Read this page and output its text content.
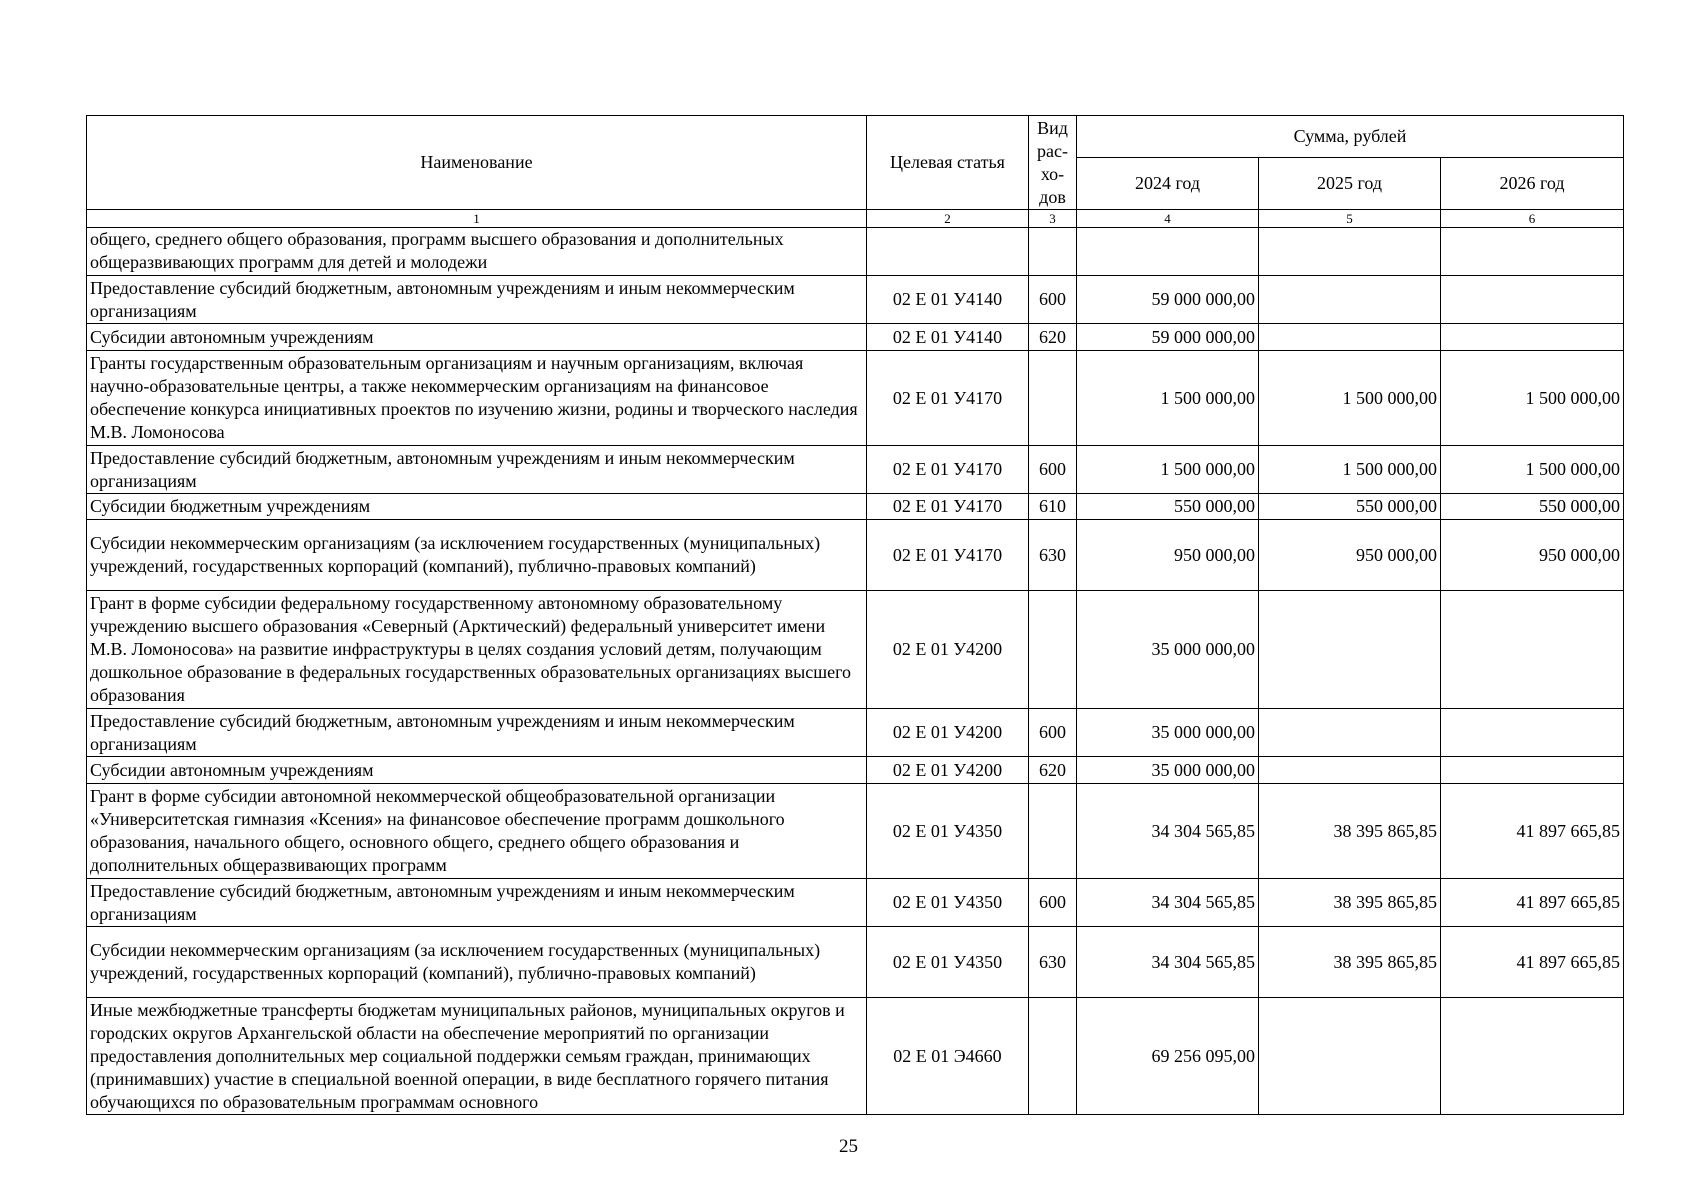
Наименование	Целевая статья	Вид рас-хо-дов	Сумма, рублей		
			2024 год	2025 год	2026 год
1	2	3	4	5	6
общего, среднего общего образования, программ высшего образования и дополнительных общеразвивающих программ для детей и молодежи					
Предоставление субсидий бюджетным, автономным учреждениям и иным некоммерческим организациям	02 Е 01 У4140	600	59 000 000,00		
Субсидии автономным учреждениям	02 Е 01 У4140	620	59 000 000,00		
Гранты государственным образовательным организациям и научным организациям, включая научно-образовательные центры, а также некоммерческим организациям на финансовое обеспечение конкурса инициативных проектов по изучению жизни, родины и творческого наследия М.В. Ломоносова	02 Е 01 У4170		1 500 000,00	1 500 000,00	1 500 000,00
Предоставление субсидий бюджетным, автономным учреждениям и иным некоммерческим организациям	02 Е 01 У4170	600	1 500 000,00	1 500 000,00	1 500 000,00
Субсидии бюджетным учреждениям	02 Е 01 У4170	610	550 000,00	550 000,00	550 000,00
Субсидии некоммерческим организациям (за исключением государственных (муниципальных) учреждений, государственных корпораций (компаний), публично-правовых компаний)	02 Е 01 У4170	630	950 000,00	950 000,00	950 000,00
Грант в форме субсидии федеральному государственному автономному образовательному учреждению высшего образования «Северный (Арктический) федеральный университет имени М.В. Ломоносова» на развитие инфраструктуры в целях создания условий детям, получающим дошкольное образование в федеральных государственных образовательных организациях высшего образования	02 Е 01 У4200		35 000 000,00		
Предоставление субсидий бюджетным, автономным учреждениям и иным некоммерческим организациям	02 Е 01 У4200	600	35 000 000,00		
Субсидии автономным учреждениям	02 Е 01 У4200	620	35 000 000,00		
Грант в форме субсидии автономной некоммерческой общеобразовательной организации «Университетская гимназия «Ксения» на финансовое обеспечение программ дошкольного образования, начального общего, основного общего, среднего общего образования и дополнительных общеразвивающих программ	02 Е 01 У4350		34 304 565,85	38 395 865,85	41 897 665,85
Предоставление субсидий бюджетным, автономным учреждениям и иным некоммерческим организациям	02 Е 01 У4350	600	34 304 565,85	38 395 865,85	41 897 665,85
Субсидии некоммерческим организациям (за исключением государственных (муниципальных) учреждений, государственных корпораций (компаний), публично-правовых компаний)	02 Е 01 У4350	630	34 304 565,85	38 395 865,85	41 897 665,85
Иные межбюджетные трансферты бюджетам муниципальных районов, муниципальных округов и городских округов Архангельской области на обеспечение мероприятий по организации предоставления дополнительных мер социальной поддержки семьям граждан, принимающих (принимавших) участие в специальной военной операции, в виде бесплатного горячего питания обучающихся по образовательным программам основного	02 Е 01 Э4660		69 256 095,00		
25
